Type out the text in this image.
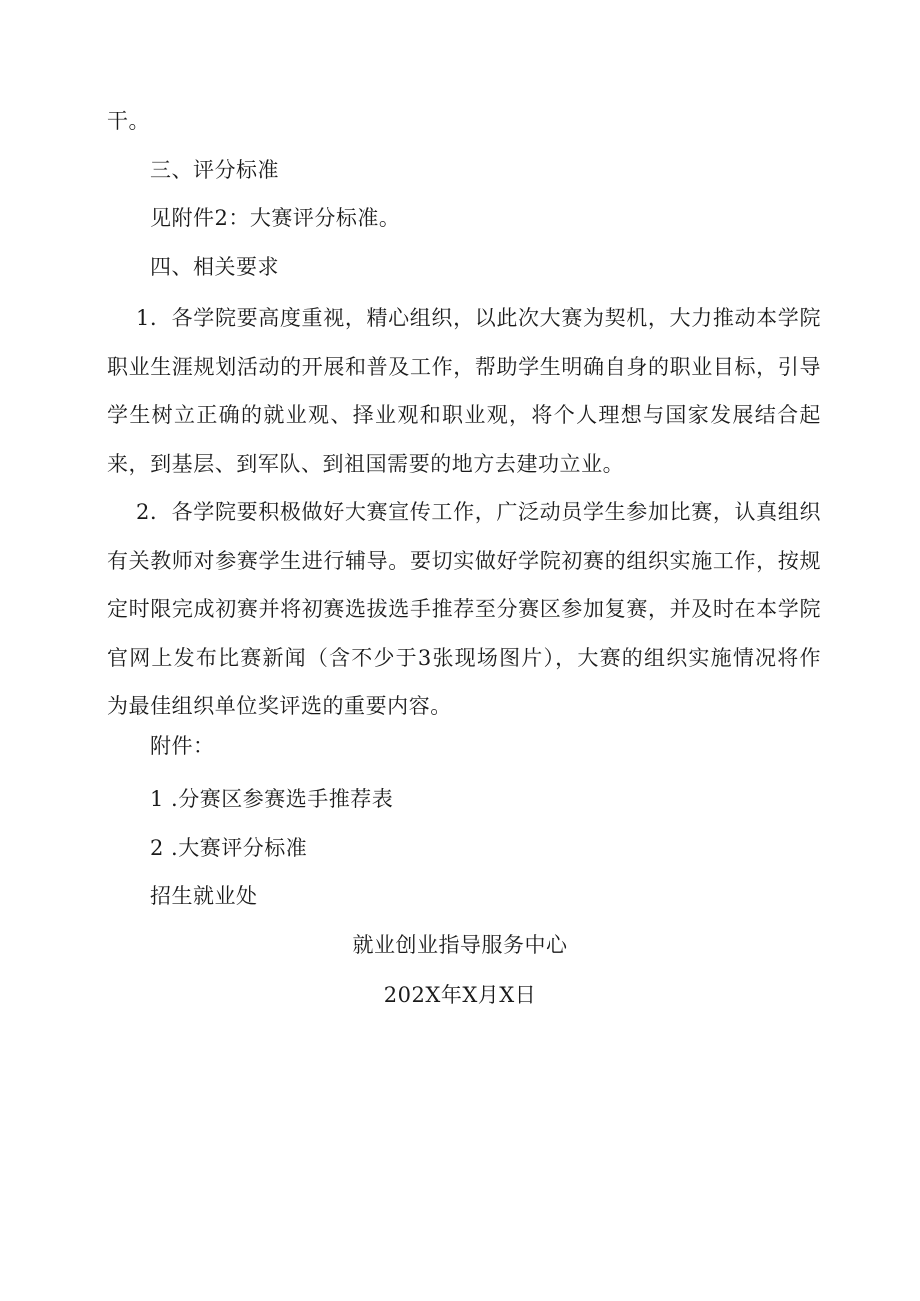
干。
三、评分标准
见附件2：大赛评分标准。
四、相关要求
1．各学院要高度重视，精心组织，以此次大赛为契机，大力推动本学院职业生涯规划活动的开展和普及工作，帮助学生明确自身的职业目标，引导学生树立正确的就业观、择业观和职业观，将个人理想与国家发展结合起来，到基层、到军队、到祖国需要的地方去建功立业。
2．各学院要积极做好大赛宣传工作，广泛动员学生参加比赛，认真组织有关教师对参赛学生进行辅导。要切实做好学院初赛的组织实施工作，按规定时限完成初赛并将初赛选拔选手推荐至分赛区参加复赛，并及时在本学院官网上发布比赛新闻（含不少于3张现场图片），大赛的组织实施情况将作为最佳组织单位奖评选的重要内容。
附件：
1 .分赛区参赛选手推荐表
2 .大赛评分标准
招生就业处
就业创业指导服务中心
202X年X月X日
